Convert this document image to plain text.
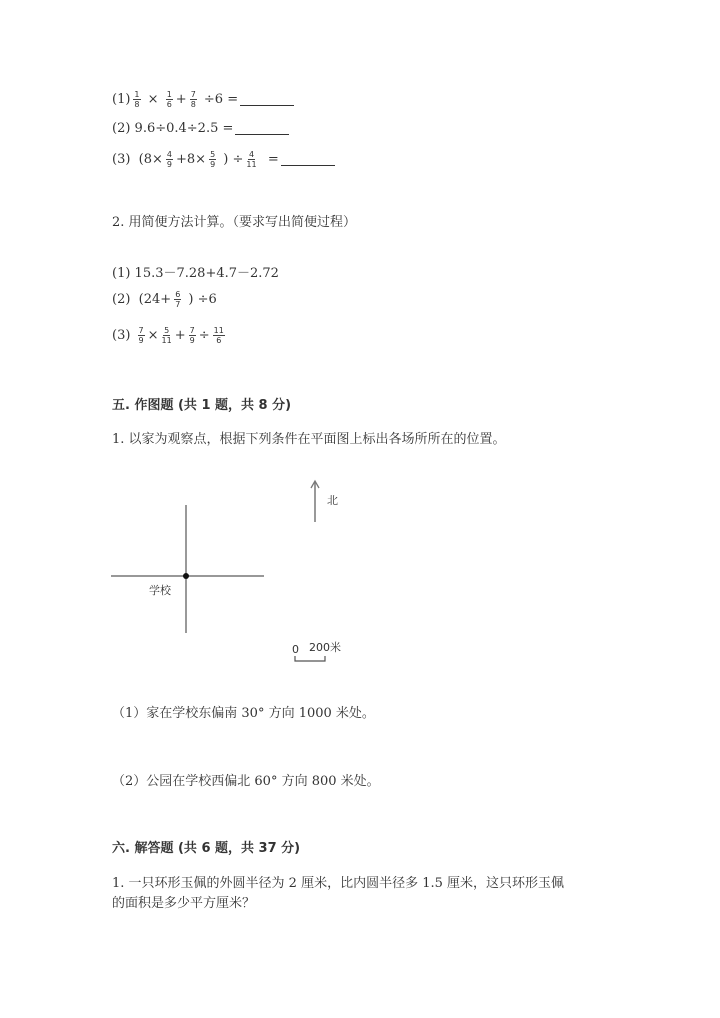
$(1) \frac{1}{8} \times \frac{1}{6} + \frac{7}{8} \div 6$ =
(2) 9.6÷0.4÷2.5 =
(3)  ($8\times \frac{4}{9} +8\times \frac{5}{9}$ ) ÷ $\frac{4}{11}$ =
2. 用简便方法计算。（要求写出简便过程）
(1) 15.3－7.28+4.7－2.72
(2)  ($24+ \frac{6}{7}$ ) ÷6
$(3) \frac{7}{9} \times \frac{5}{11} + \frac{7}{9} \div \frac{11}{6}$
五. 作图题 (共 1 题，共 8 分)
1. 以家为观察点，根据下列条件在平面图上标出各场所所在的位置。
学校
北
0 200米
（1）家在学校东偏南 30° 方向 1000 米处。
（2）公园在学校西偏北 60° 方向 800 米处。
六. 解答题 (共 6 题，共 37 分)
1. 一只环形玉佩的外圆半径为 2 厘米，比内圆半径多 1.5 厘米，这只环形玉佩
的面积是多少平方厘米？
